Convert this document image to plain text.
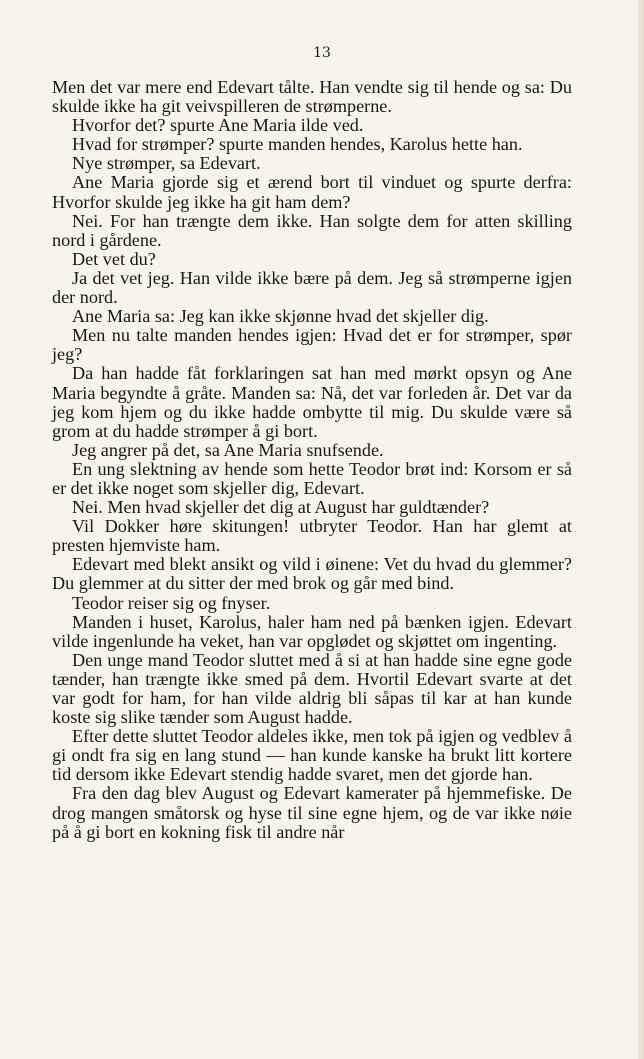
13

Men det var mere end Edevart tålte. Han vendte sig til hende og sa: Du skulde ikke ha git veivspilleren de strømperne.

Hvorfor det? spurte Ane Maria ilde ved.

Hvad for strømper? spurte manden hendes, Karolus hette han.

Nye strømper, sa Edevart.

Ane Maria gjorde sig et ærend bort til vinduet og spurte derfra: Hvorfor skulde jeg ikke ha git ham dem?

Nei. For han trængte dem ikke. Han solgte dem for atten skilling nord i gårdene.

Det vet du?

Ja det vet jeg. Han vilde ikke bære på dem. Jeg så strømperne igjen der nord.

Ane Maria sa: Jeg kan ikke skjønne hvad det skjeller dig.

Men nu talte manden hendes igjen: Hvad det er for strømper, spør jeg?

Da han hadde fåt forklaringen sat han med mørkt opsyn og Ane Maria begyndte å gråte. Manden sa: Nå, det var forleden år. Det var da jeg kom hjem og du ikke hadde ombytte til mig. Du skulde være så grom at du hadde strømper å gi bort.

Jeg angrer på det, sa Ane Maria snufsende.

En ung slektning av hende som hette Teodor brøt ind: Korsom er så er det ikke noget som skjeller dig, Edevart.

Nei. Men hvad skjeller det dig at August har guldtænder?

Vil Dokker høre skitungen! utbryter Teodor. Han har glemt at presten hjemviste ham.

Edevart med blekt ansikt og vild i øinene: Vet du hvad du glemmer? Du glemmer at du sitter der med brok og går med bind.

Teodor reiser sig og fnyser.

Manden i huset, Karolus, haler ham ned på bænken igjen. Edevart vilde ingenlunde ha veket, han var opglødet og skjøttet om ingenting.

Den unge mand Teodor sluttet med å si at han hadde sine egne gode tænder, han trængte ikke smed på dem. Hvortil Edevart svarte at det var godt for ham, for han vilde aldrig bli såpas til kar at han kunde koste sig slike tænder som August hadde.

Efter dette sluttet Teodor aldeles ikke, men tok på igjen og vedblev å gi ondt fra sig en lang stund — han kunde kanske ha brukt litt kortere tid dersom ikke Edevart stendig hadde svaret, men det gjorde han.

Fra den dag blev August og Edevart kamerater på hjemmefiske. De drog mangen småtorsk og hyse til sine egne hjem, og de var ikke nøie på å gi bort en kokning fisk til andre når
